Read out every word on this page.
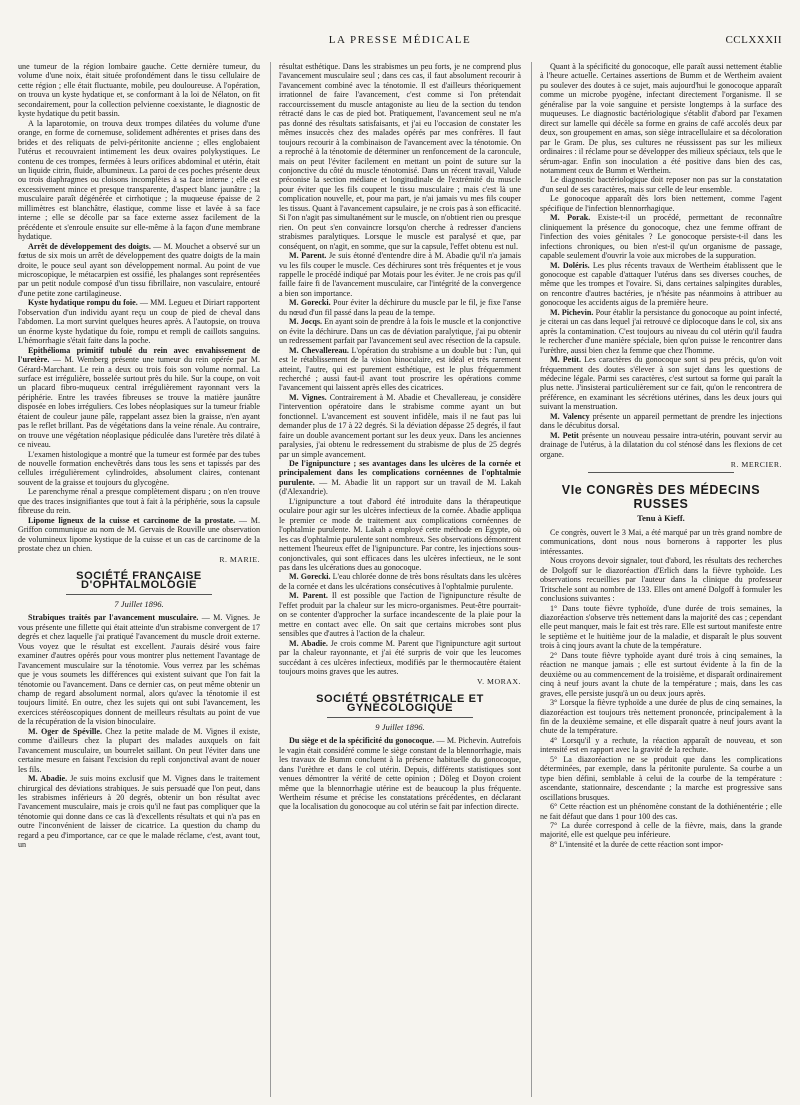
LA PRESSE MÉDICALE	CCLXXXII

une tumeur de la région lombaire gauche. Cette dernière tumeur, du volume d'une noix, était située profondément dans le tissu cellulaire de cette région ; elle était fluctuante, mobile, peu douloureuse. A l'opération, on trouva un kyste hydatique et, se conformant à la loi de Nélaton, on fit secondairement, pour la collection pelvienne coexistante, le diagnostic de kyste hydatique du petit bassin.

A la laparotomie, on trouva deux trompes dilatées du volume d'une orange, en forme de cornemuse, solidement adhérentes et prises dans des brides et des reliquats de pelvi-péritonite ancienne ; elles englobaient l'utérus et recouvraient intimement les deux ovaires polykystiques. Le contenu de ces trompes, fermées à leurs orifices abdominal et utérin, était un liquide citrin, fluide, albumineux. La paroi de ces poches présente deux ou trois diaphragmes ou cloisons incomplètes à sa face interne ; elle est excessivement mince et presque transparente, d'aspect blanc jaunâtre ; la musculaire paraît dégénérée et cirrhotique ; la muqueuse épaisse de 2 millimètres est blanchâtre, élastique, comme lisse et lavée à sa face interne ; elle se décolle par sa face externe assez facilement de la précédente et s'enroule ensuite sur elle-même à la façon d'une membrane hydatique.

Arrêt de développement des doigts. — M. Mouchet a observé sur un fœtus de six mois un arrêt de développement des quatre doigts de la main droite, le pouce seul ayant son développement normal. Au point de vue microscopique, le métacarpien est ossifié, les phalanges sont représentées par un petit nodule composé d'un tissu fibrillaire, non vasculaire, entouré d'une petite zone cartilagineuse.

Kyste hydatique rompu du foie. — MM. Legueu et Diriart rapportent l'observation d'un individu ayant reçu un coup de pied de cheval dans l'abdomen. La mort survint quelques heures après. A l'autopsie, on trouva un énorme kyste hydatique du foie, rompu et rempli de caillots sanguins. L'hémorrhagie s'était faite dans la poche.

Epithélioma primitif tubulé du rein avec envahissement de l'uretère. — M. Wemberg présente une tumeur du rein opérée par M. Gérard-Marchant. Le rein a deux ou trois fois son volume normal. La surface est irrégulière, bosselée surtout près du hile. Sur la coupe, on voit un placard fibro-muqueux central irrégulièrement rayonnant vers la périphérie. Entre les travées fibreuses se trouve la matière jaunâtre disposée en lobes irréguliers. Ces lobes néoplasiques sur la tumeur friable étaient de couleur jaune pâle, rappelant assez bien la graisse, n'en ayant pas le reflet brillant. Pas de végétations dans la veine rénale. Au contraire, on trouve une végétation néoplasique pédiculée dans l'uretère très dilaté à ce niveau.

L'examen histologique a montré que la tumeur est formée par des tubes de nouvelle formation enchevêtrés dans tous les sens et tapissés par des cellules irrégulièrement cylindroïdes, absolument claires, contenant souvent de la graisse et toujours du glycogène.

Le parenchyme rénal a presque complètement disparu ; on n'en trouve que des traces insignifiantes que tout à fait à la périphérie, sous la capsule fibreuse du rein.

Lipome ligneux de la cuisse et carcinome de la prostate. — M. Griffon communique au nom de M. Gervais de Rouville une observation de volumineux lipome kystique de la cuisse et un cas de carcinome de la prostate chez un chien.

R. MARIE.
SOCIÉTÉ FRANÇAISE D'OPHTALMOLOGIE
7 Juillet 1896.

Strabiques traités par l'avancement musculaire. — M. Vignes. Je vous présente une fillette qui était atteinte d'un strabisme convergent de 17 degrés et chez laquelle j'ai pratiqué l'avancement du muscle droit externe. Vous voyez que le résultat est excellent. J'aurais désiré vous faire examiner d'autres opérés pour vous montrer plus nettement l'avantage de l'avancement musculaire sur la ténotomie. Vous verrez par les schémas que je vous soumets les différences qui existent suivant que l'on fait la ténotomie ou l'avancement. Dans ce dernier cas, on peut même obtenir un champ de regard absolument normal, alors qu'avec la ténotomie il est toujours limité. En outre, chez les sujets qui ont subi l'avancement, les exercices stéréoscopiques donnent de meilleurs résultats au point de vue de la récupération de la vision binoculaire.

M. Oger de Spéville. Chez la petite malade de M. Vignes il existe, comme d'ailleurs chez la plupart des malades auxquels on fait l'avancement musculaire, un bourrelet saillant. On peut l'éviter dans une certaine mesure en faisant l'excision du repli conjonctival avant de nouer les fils.

M. Abadie. Je suis moins exclusif que M. Vignes dans le traitement chirurgical des déviations strabiques. Je suis persuadé que l'on peut, dans les strabismes inférieurs à 20 degrés, obtenir un bon résultat avec l'avancement musculaire, mais je crois qu'il ne faut pas compliquer que la ténotomie qui donne dans ce cas là d'excellents résultats et qui n'a pas en outre l'inconvénient de laisser de cicatrice. La question du champ du regard a peu d'importance, car ce que le malade réclame, c'est, avant tout, un

résultat esthétique. Dans les strabismes un peu forts, je ne comprend plus l'avancement musculaire seul ; dans ces cas, il faut absolument recourir à l'avancement combiné avec la ténotomie. Il est d'ailleurs théoriquement irrationnel de faire l'avancement, c'est comme si l'on prétendait raccourcissement du muscle antagoniste au lieu de la section du tendon rétracté dans le cas de pied bot. Pratiquement, l'avancement seul ne m'a pas donné des résultats satisfaisants, et j'ai eu l'occasion de constater les mêmes insuccès chez des malades opérés par mes confrères. Il faut toujours recourir à la combinaison de l'avancement avec la ténotomie. On a reproché à la ténotomie de déterminer un renfoncement de la caroncule, mais on peut l'éviter facilement en mettant un point de suture sur la conjonctive du côté du muscle ténotomisé. Dans un récent travail, Valude préconise la section médiane et longitudinale de l'extrémité du muscle pour éviter que les fils coupent le tissu musculaire ; mais c'est là une complication nouvelle, et, pour ma part, je n'ai jamais vu mes fils couper les tissus. Quant à l'avancement capsulaire, je ne crois pas à son efficacité. Si l'on n'agit pas simultanément sur le muscle, on n'obtient rien ou presque rien. On peut s'en convaincre lorsqu'on cherche à redresser d'anciens strabismes paralytiques. Lorsque le muscle est paralysé et que, par conséquent, on n'agit, en somme, que sur la capsule, l'effet obtenu est nul.

M. Parent. Je suis étonné d'entendre dire à M. Abadie qu'il n'a jamais vu les fils couper le muscle. Ces déchirures sont très fréquentes et je vous rappelle le procédé indiqué par Motais pour les éviter. Je ne crois pas qu'il faille faire fi de l'avancement musculaire, car l'intégrité de la convergence a bien son importance.

M. Gorecki. Pour éviter la déchirure du muscle par le fil, je fixe l'anse du nœud d'un fil passé dans la peau de la tempe.

M. Jocqs. En ayant soin de prendre à la fois le muscle et la conjonctive on évite la déchirure. Dans un cas de déviation paralytique, j'ai pu obtenir un redressement parfait par l'avancement seul avec résection de la capsule.

M. Chevallereau. L'opération du strabisme a un double but : l'un, qui est le rétablissement de la vision binoculaire, est idéal et très rarement atteint, l'autre, qui est purement esthétique, est le plus fréquemment recherché ; aussi faut-il avant tout proscrire les opérations comme l'avancement qui laissent après elles des cicatrices.

M. Vignes. Contrairement à M. Abadie et Chevallereau, je considère l'intervention opératoire dans le strabisme comme ayant un but fonctionnel. L'avancement est souvent infidèle, mais il ne faut pas lui demander plus de 17 à 22 degrés. Si la déviation dépasse 25 degrés, il faut faire un double avancement portant sur les deux yeux. Dans les anciennes paralysies, j'ai obtenu le redressement du strabisme de plus de 25 degrés par un simple avancement.

De l'ignipuncture ; ses avantages dans les ulcères de la cornée et principalement dans les complications cornéennes de l'ophtalmie purulente. — M. Abadie lit un rapport sur un travail de M. Lakah (d'Alexandrie).

L'ignipuncture a tout d'abord été introduite dans la thérapeutique oculaire pour agir sur les ulcères infectieux de la cornée. Abadie appliqua le premier ce mode de traitement aux complications cornéennes de l'ophtalmie purulente. M. Lakah a employé cette méthode en Egypte, où les cas d'ophtalmie purulente sont nombreux. Ses observations démontrent nettement l'heureux effet de l'ignipuncture. Par contre, les injections sous-conjonctivales, qui sont efficaces dans les ulcères infectieux, ne le sont pas dans les ulcérations dues au gonocoque.

M. Gorecki. L'eau chlorée donne de très bons résultats dans les ulcères de la cornée et dans les ulcérations consécutives à l'ophtalmie purulente.

M. Parent. Il est possible que l'action de l'ignipuncture résulte de l'effet produit par la chaleur sur les micro-organismes. Peut-être pourrait-on se contenter d'approcher la surface incandescente de la plaie pour la mettre en contact avec elle. On sait que certains microbes sont plus sensibles que d'autres à l'action de la chaleur.

M. Abadie. Je crois comme M. Parent que l'ignipuncture agit surtout par la chaleur rayonnante, et j'ai été surpris de voir que les leucomes succédant à ces ulcères infectieux, modifiés par le thermocautère étaient toujours moins graves que les autres.

V. MORAX.
SOCIÉTÉ OBSTÉTRICALE ET GYNÉCOLOGIQUE
9 Juillet 1896.

Du siège et de la spécificité du gonocoque. — M. Pichevin. Autrefois le vagin était considéré comme le siège constant de la blennorrhagie, mais les travaux de Bumm concluent à la présence habituelle du gonocoque, dans l'urèthre et dans le col utérin. Depuis, différents statistiques sont venues démontrer la vérité de cette opinion ; Döleg et Doyon croient même que la blennorrhagie utérine est de beaucoup la plus fréquente. Wertheim résume et précise les constatations précédentes, en déclarant que la localisation du gonocoque au col utérin se fait par infection directe.

Quant à la spécificité du gonocoque, elle paraît aussi nettement établie à l'heure actuelle. Certaines assertions de Bumm et de Wertheim avaient pu soulever des doutes à ce sujet, mais aujourd'hui le gonocoque apparaît comme un microbe pyogène, infectant directement l'organisme. Il se généralise par la voie sanguine et persiste longtemps à la surface des muqueuses. Le diagnostic bactériologique s'établit d'abord par l'examen direct sur lamelle qui décèle sa forme en grains de café accolés deux par deux, son groupement en amas, son siège intracellulaire et sa décoloration par le Gram. De plus, ses cultures ne réussissent pas sur les milieux ordinaires : il réclame pour se développer des milieux spéciaux, tels que le sérum-agar. Enfin son inoculation a été positive dans bien des cas, notamment ceux de Bumm et Wertheim.

Le diagnostic bactériologique doit reposer non pas sur la constatation d'un seul de ses caractères, mais sur celle de leur ensemble.

Le gonocoque apparaît dès lors bien nettement, comme l'agent spécifique de l'infection blennorrhagique.

M. Porak. Existe-t-il un procédé, permettant de reconnaître cliniquement la présence du gonocoque, chez une femme offrant de l'infection des voies génitales ? Le gonocoque persiste-t-il dans les infections chroniques, ou bien n'est-il qu'un organisme de passage, capable seulement d'ouvrir la voie aux microbes de la suppuration.

M. Doléris. Les plus récents travaux de Wertheim établissent que le gonocoque est capable d'attaquer l'utérus dans ses diverses couches, de même que les trompes et l'ovaire. Si, dans certaines salpingites durables, on rencontre d'autres bactéries, je n'hésite pas néanmoins à attribuer au gonocoque les accidents aigus de la première heure.

M. Pichevin. Pour établir la persistance du gonocoque au point infecté, je citerai un cas dans lequel j'ai retrouvé ce diplocoque dans le col, six ans après la contamination. C'est toujours au niveau du col utérin qu'il faudra le rechercher d'une manière spéciale, bien qu'on puisse le rencontrer dans l'urèthre, aussi bien chez la femme que chez l'homme.

M. Petit. Les caractères du gonocoque sont si peu précis, qu'on voit fréquemment des doutes s'élever à son sujet dans les questions de médecine légale. Parmi ses caractères, c'est surtout sa forme qui paraît la plus nette. J'insisterai particulièrement sur ce fait, qu'on le rencontrera de préférence, en examinant les sécrétions utérines, dans les deux jours qui suivant la menstruation.

M. Valency présente un appareil permettant de prendre les injections dans le décubitus dorsal.

M. Petit présente un nouveau pessaire intra-utérin, pouvant servir au drainage de l'utérus, à la dilatation du col sténosé dans les flexions de cet organe.

R. MERCIER.
VIe CONGRÈS DES MÉDECINS RUSSES
Tenu à Kieff.

Ce congrès, ouvert le 3 Mai, a été marqué par un très grand nombre de communications, dont nous nous bornerons à rapporter les plus intéressantes.

Nous croyons devoir signaler, tout d'abord, les résultats des recherches de Dolgoff sur le diazoréaction d'Erlich dans la fièvre typhoïde. Les observations recueillies par l'auteur dans la clinique du professeur Tritschele sont au nombre de 133. Elles ont amené Dolgoff à formuler les conclusions suivantes :

1° Dans toute fièvre typhoïde, d'une durée de trois semaines, la diazoréaction s'observe très nettement dans la majorité des cas ; cependant elle peut manquer, mais le fait est très rare. Elle est surtout manifeste entre le septième et le huitième jour de la maladie, et disparaît le plus souvent trois à cinq jours avant la chute de la température.

2° Dans toute fièvre typhoïde ayant duré trois à cinq semaines, la réaction ne manque jamais ; elle est surtout évidente à la fin de la deuxième ou au commencement de la troisième, et disparaît ordinairement cinq à neuf jours avant la chute de la température ; mais, dans les cas graves, elle persiste jusqu'à un ou deux jours après.

3° Lorsque la fièvre typhoïde a une durée de plus de cinq semaines, la diazoréaction est toujours très nettement prononcée, principalement à la fin de la deuxième semaine, et elle disparaît quatre à neuf jours avant la chute de la température.

4° Lorsqu'il y a rechute, la réaction apparaît de nouveau, et son intensité est en rapport avec la gravité de la rechute.

5° La diazoréaction ne se produit que dans les complications déterminées, par exemple, dans la péritonite purulente. Sa courbe a un type bien défini, semblable à celui de la courbe de la température : ascendante, stationnaire, descendante ; la marche est progressive sans oscillations brusques.

6° Cette réaction est un phénomène constant de la dothiénentérie ; elle ne fait défaut que dans 1 pour 100 des cas.

7° La durée correspond à celle de la fièvre, mais, dans la grande majorité, elle est quelque peu inférieure.

8° L'intensité et la durée de cette réaction sont impor-
